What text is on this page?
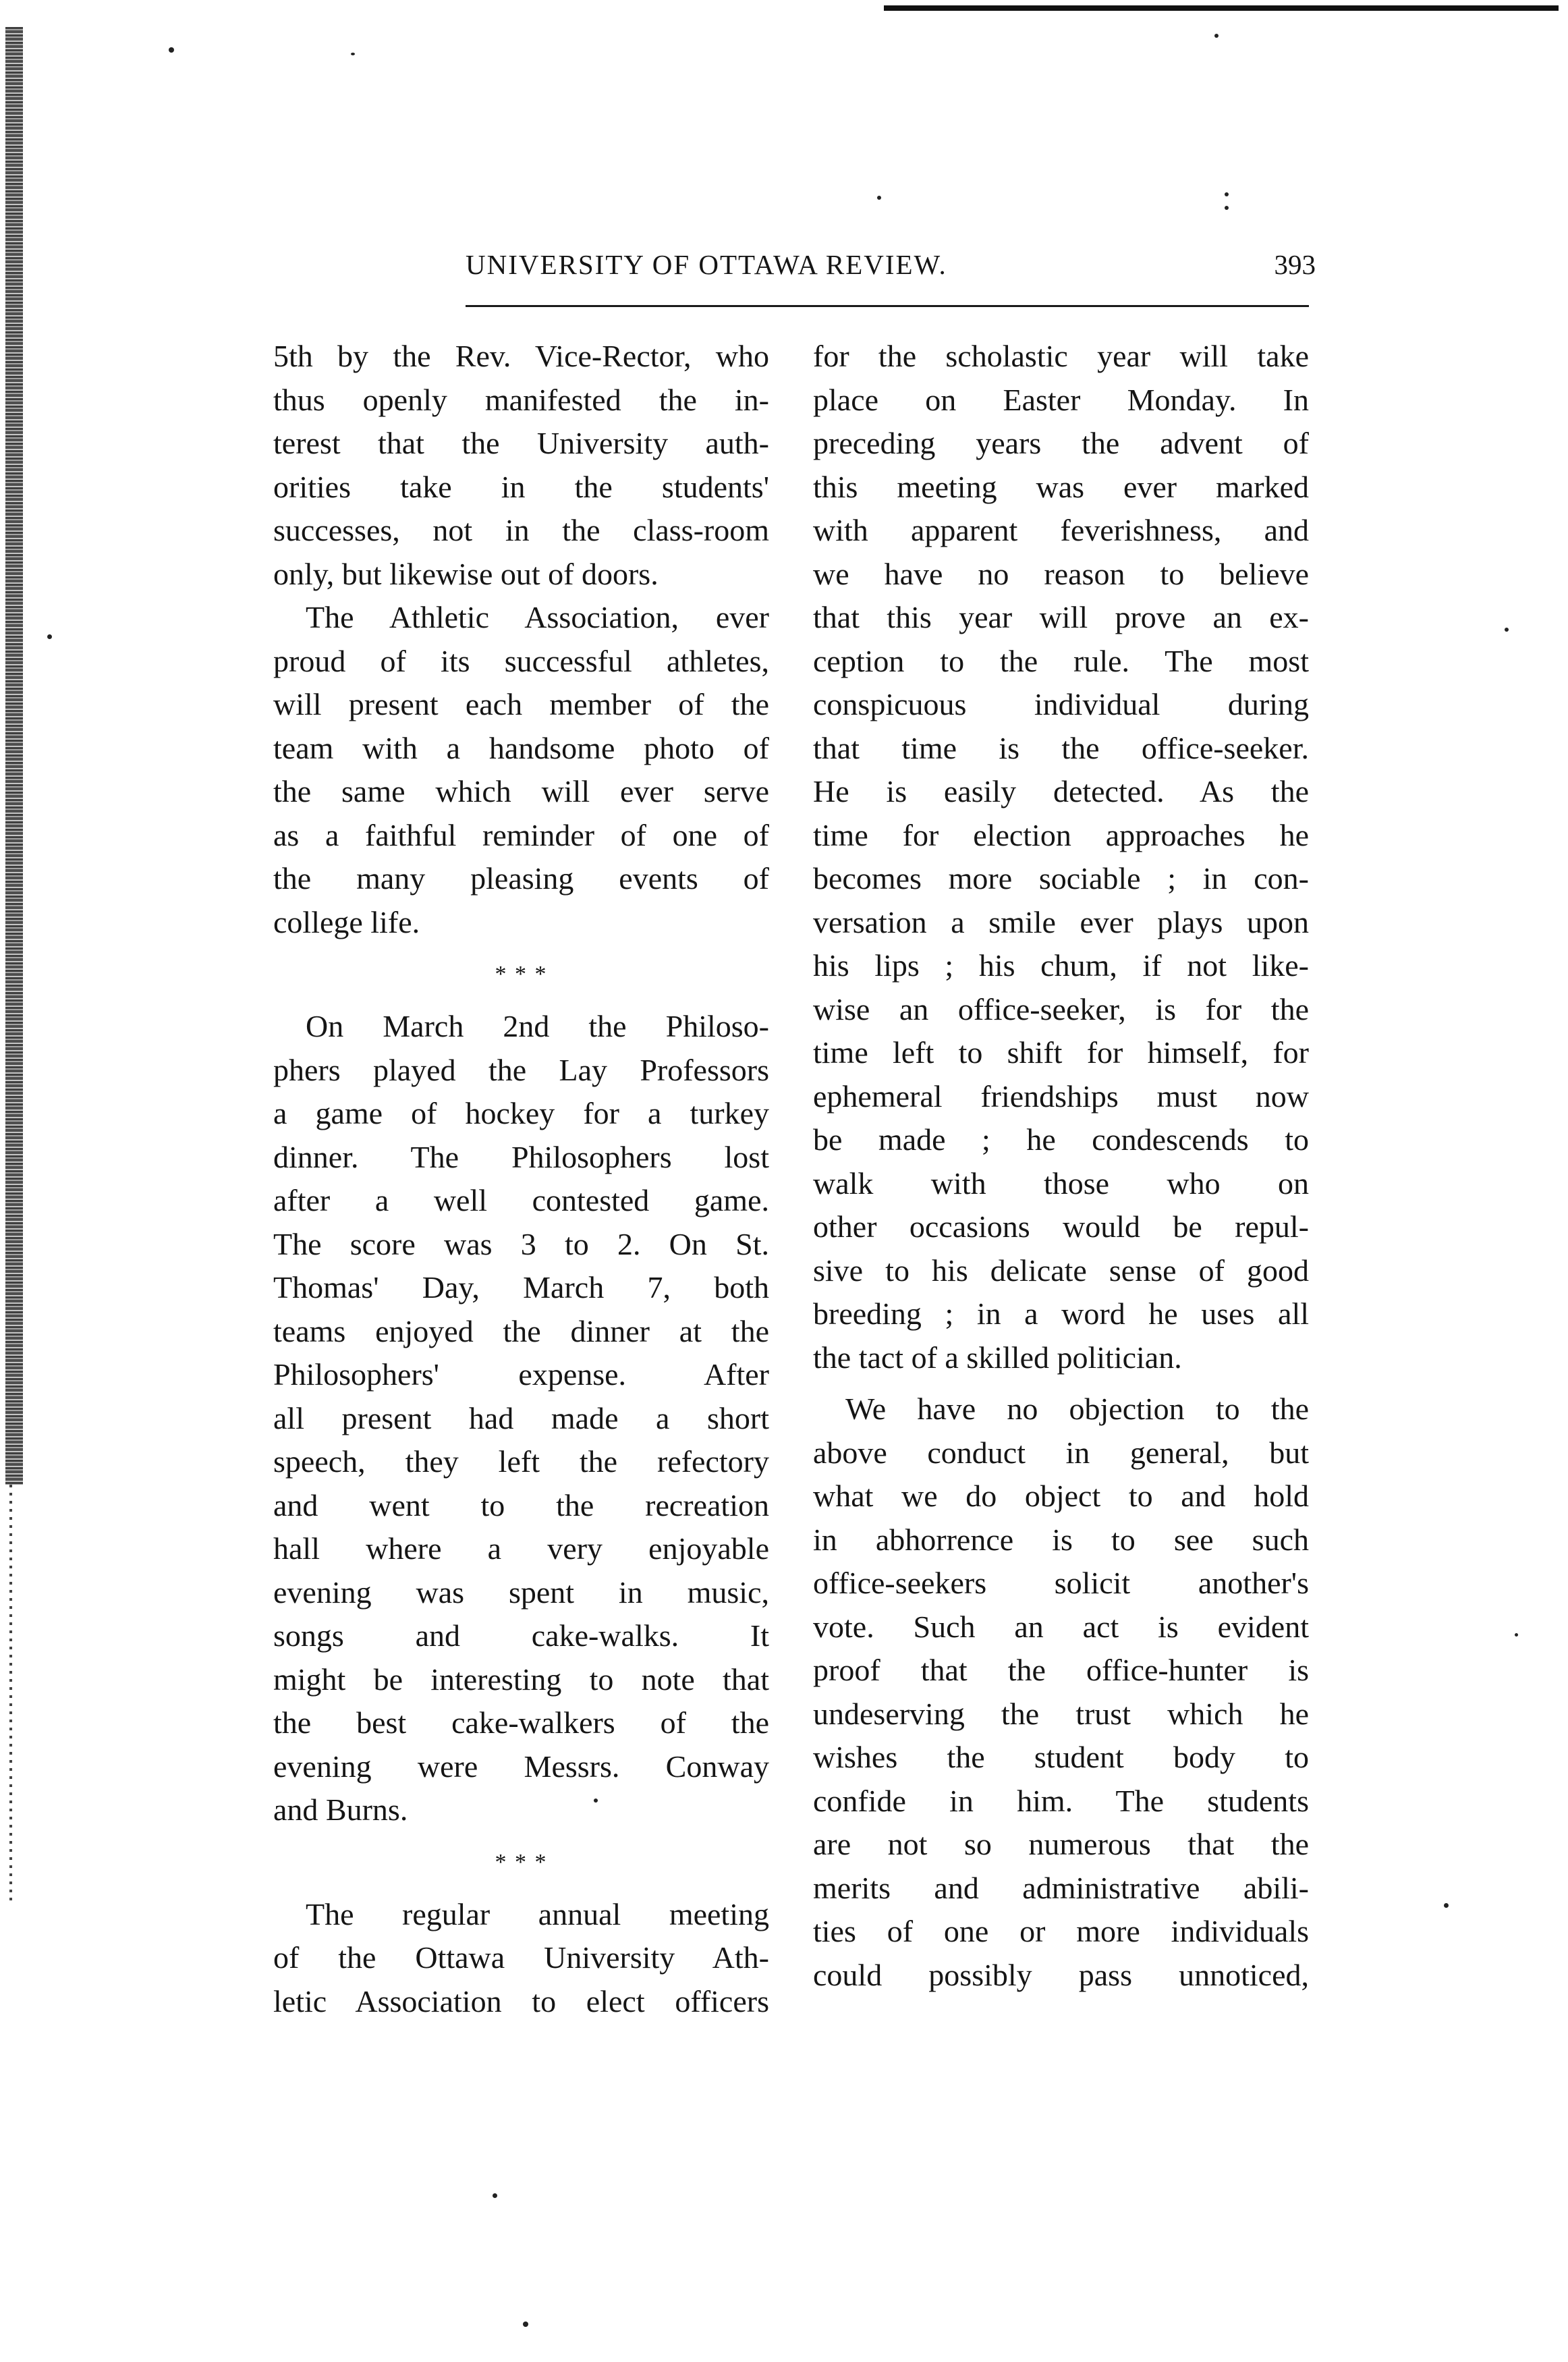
UNIVERSITY OF OTTAWA REVIEW.	393
5th by the Rev. Vice-Rector, who
thus openly manifested the in-
terest that the University auth-
orities take in the students'
successes, not in the class-room
only, but likewise out of doors.
The Athletic Association, ever
proud of its successful athletes,
will present each member of the
team with a handsome photo of
the same which will ever serve
as a faithful reminder of one of
the many pleasing events of
college life.
* * *
On March 2nd the Philoso-
phers played the Lay Professors
a game of hockey for a turkey
dinner. The Philosophers lost
after a well contested game.
The score was 3 to 2. On St.
Thomas' Day, March 7, both
teams enjoyed the dinner at the
Philosophers' expense. After
all present had made a short
speech, they left the refectory
and went to the recreation
hall where a very enjoyable
evening was spent in music,
songs and cake-walks. It
might be interesting to note that
the best cake-walkers of the
evening were Messrs. Conway
and Burns.
* * *
The regular annual meeting
of the Ottawa University Ath-
letic Association to elect officers
for the scholastic year will take
place on Easter Monday. In
preceding years the advent of
this meeting was ever marked
with apparent feverishness, and
we have no reason to believe
that this year will prove an ex-
ception to the rule. The most
conspicuous individual during
that time is the office-seeker.
He is easily detected. As the
time for election approaches he
becomes more sociable ; in con-
versation a smile ever plays upon
his lips ; his chum, if not like-
wise an office-seeker, is for the
time left to shift for himself, for
ephemeral friendships must now
be made ; he condescends to
walk with those who on
other occasions would be repul-
sive to his delicate sense of good
breeding ; in a word he uses all
the tact of a skilled politician.
We have no objection to the
above conduct in general, but
what we do object to and hold
in abhorrence is to see such
office-seekers solicit another's
vote. Such an act is evident
proof that the office-hunter is
undeserving the trust which he
wishes the student body to
confide in him. The students
are not so numerous that the
merits and administrative abili-
ties of one or more individuals
could possibly pass unnoticed,
